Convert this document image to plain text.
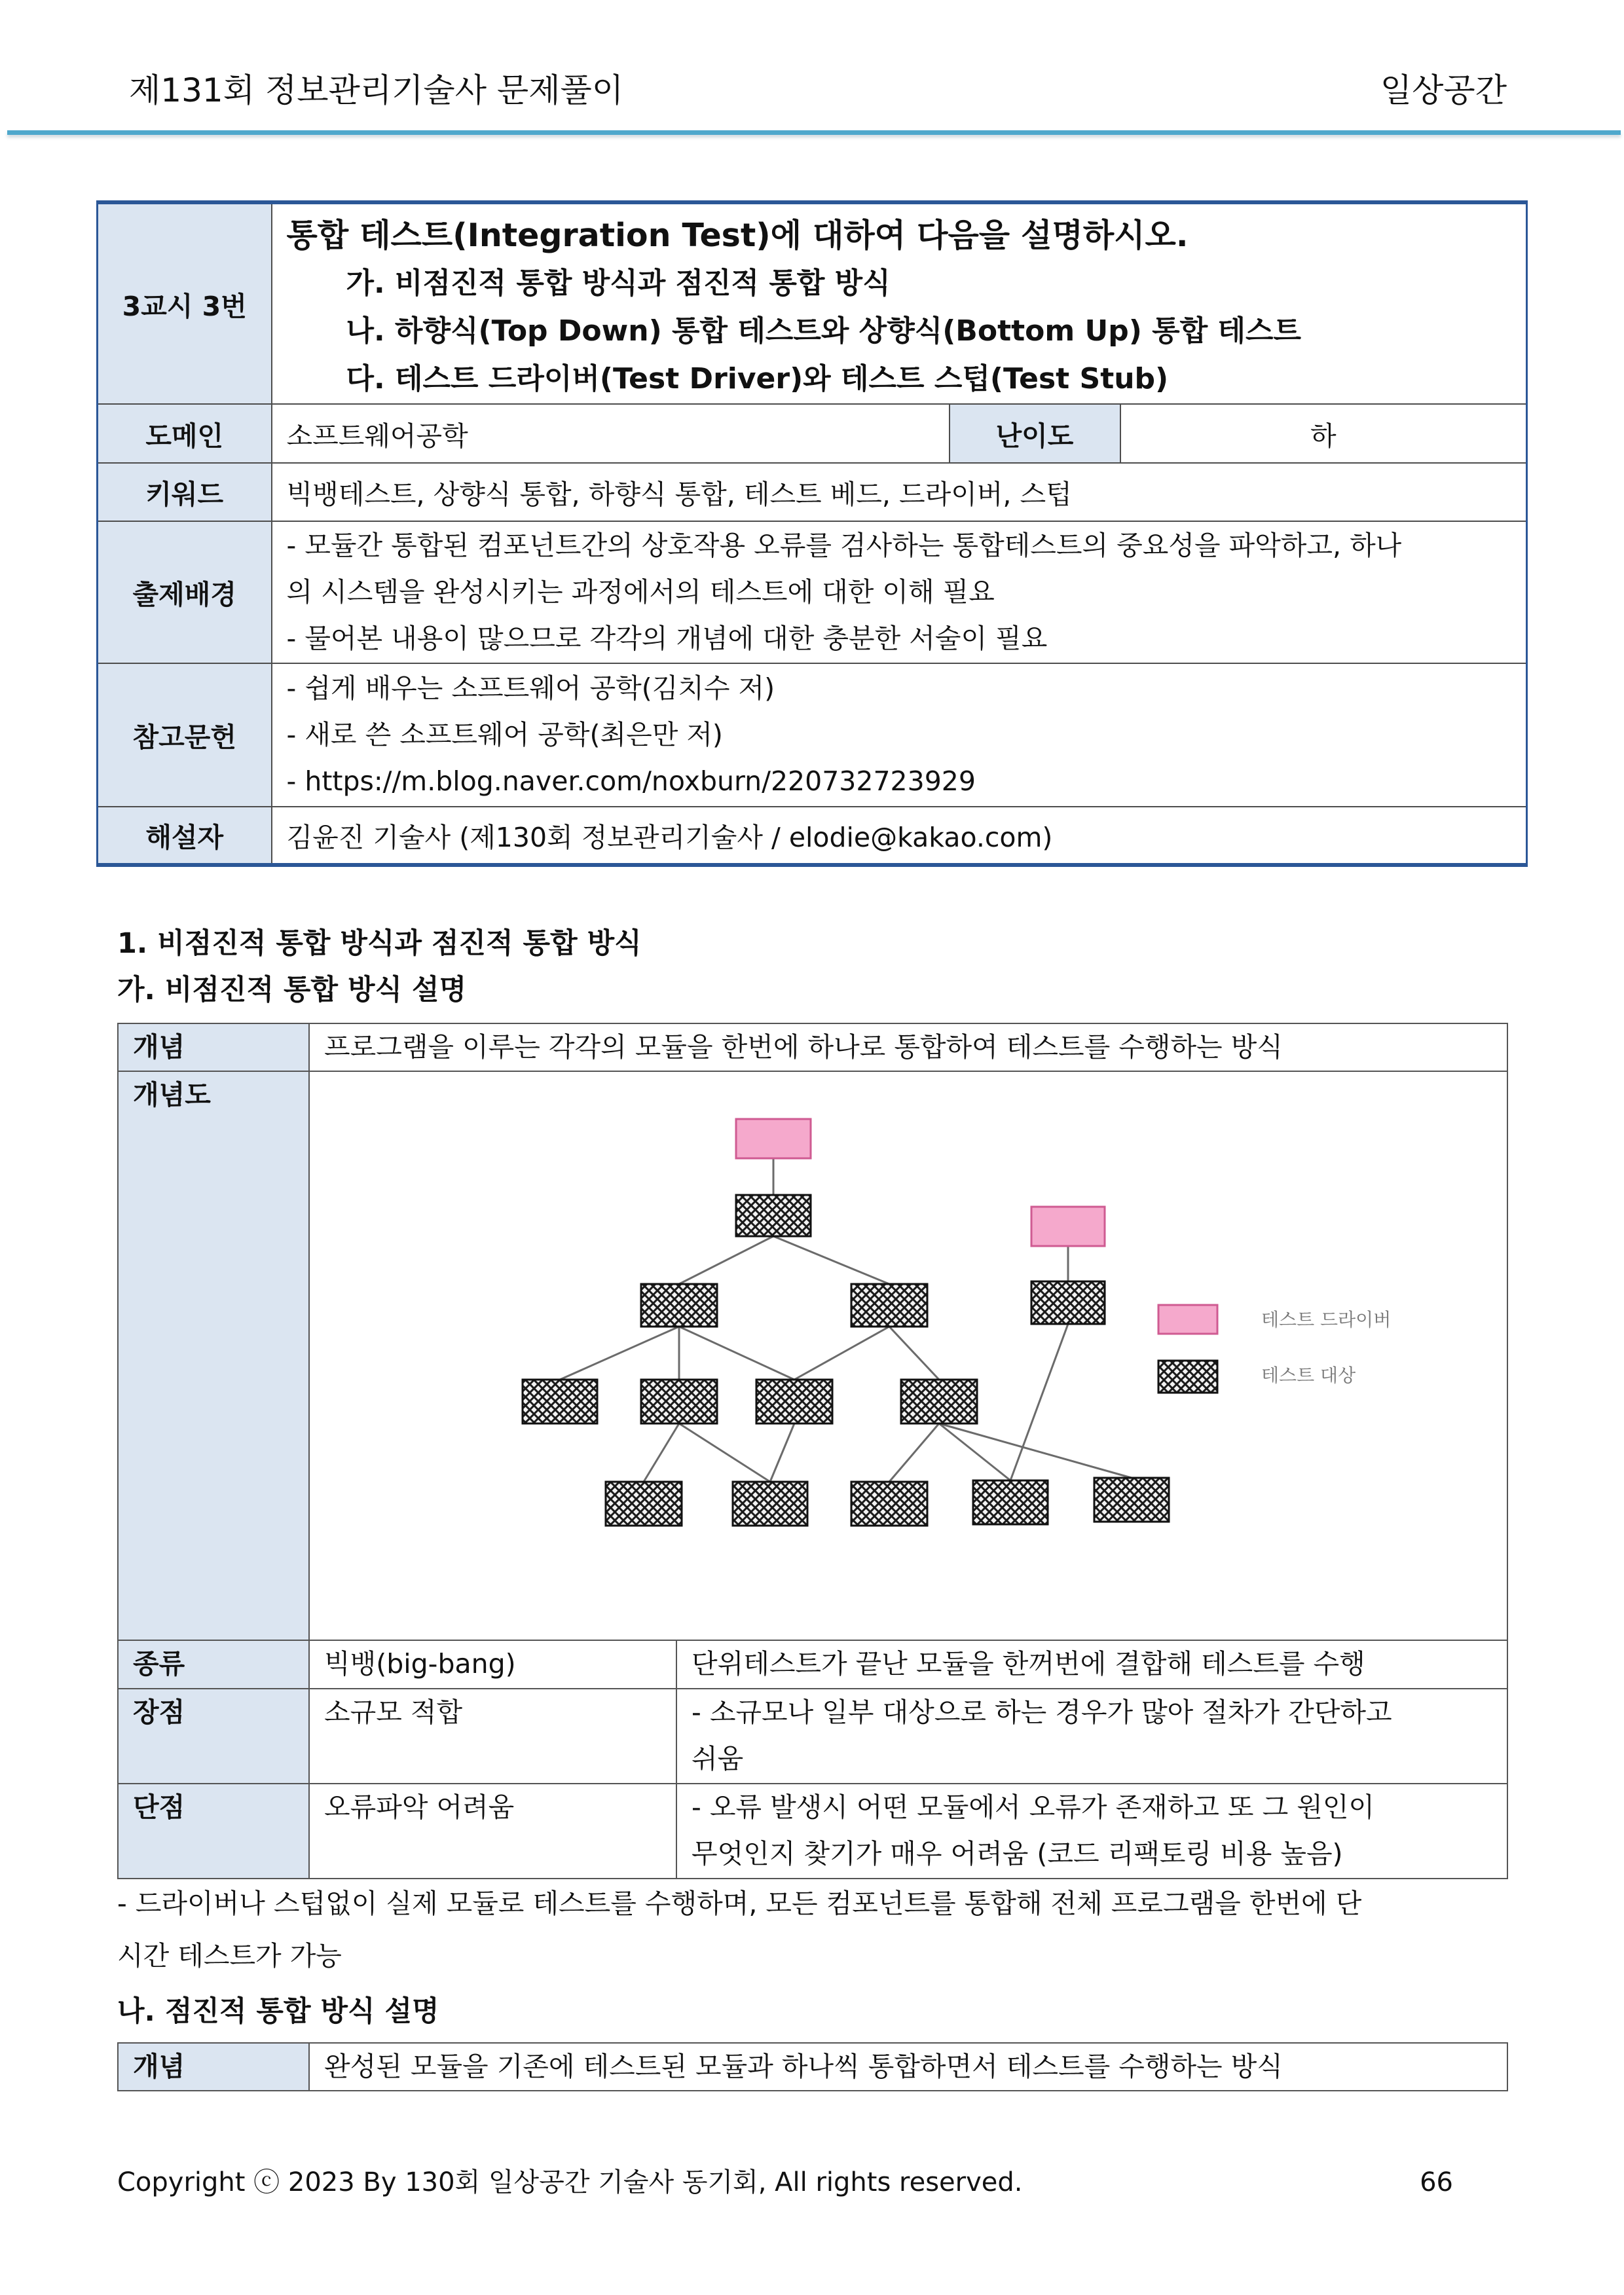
제131회 정보관리기술사 문제풀이	일상공간
3교시 3번	통합 테스트(Integration Test)에 대하여 다음을 설명하시오.
가. 비점진적 통합 방식과 점진적 통합 방식
나. 하향식(Top Down) 통합 테스트와 상향식(Bottom Up) 통합 테스트
다. 테스트 드라이버(Test Driver)와 테스트 스텁(Test Stub)		

도메인	소프트웨어공학	난이도	하
키워드	빅뱅테스트, 상향식 통합, 하향식 통합, 테스트 베드, 드라이버, 스텁		
출제배경	- 모듈간 통합된 컴포넌트간의 상호작용 오류를 검사하는 통합테스트의 중요성을 파악하고, 하나
의 시스템을 완성시키는 과정에서의 테스트에 대한 이해 필요
- 물어본 내용이 많으므로 각각의 개념에 대한 충분한 서술이 필요		

참고문헌	- 쉽게 배우는 소프트웨어 공학(김치수 저)
- 새로 쓴 소프트웨어 공학(최은만 저)
- https://m.blog.naver.com/noxburn/220732723929		

해설자	김윤진 기술사 (제130회 정보관리기술사 / elodie@kakao.com)		
1. 비점진적 통합 방식과 점진적 통합 방식
가. 비점진적 통합 방식 설명
개념	프로그램을 이루는 각각의 모듈을 한번에 하나로 통합하여 테스트를 수행하는 방식	
개념도		
종류	빅뱅(big-bang)	단위테스트가 끝난 모듈을 한꺼번에 결합해 테스트를 수행
장점	소규모 적합	- 소규모나 일부 대상으로 하는 경우가 많아 절차가 간단하고
쉬움

단점	오류파악 어려움	- 오류 발생시 어떤 모듈에서 오류가 존재하고 또 그 원인이
무엇인지 찾기가 매우 어려움 (코드 리팩토링 비용 높음)
테스트 드라이버
테스트 대상
- 드라이버나 스텁없이 실제 모듈로 테스트를 수행하며, 모든 컴포넌트를 통합해 전체 프로그램을 한번에 단
시간 테스트가 가능
나. 점진적 통합 방식 설명
개념	완성된 모듈을 기존에 테스트된 모듈과 하나씩 통합하면서 테스트를 수행하는 방식
Copyright ⓒ 2023 By 130회 일상공간 기술사 동기회, All rights reserved.	66
